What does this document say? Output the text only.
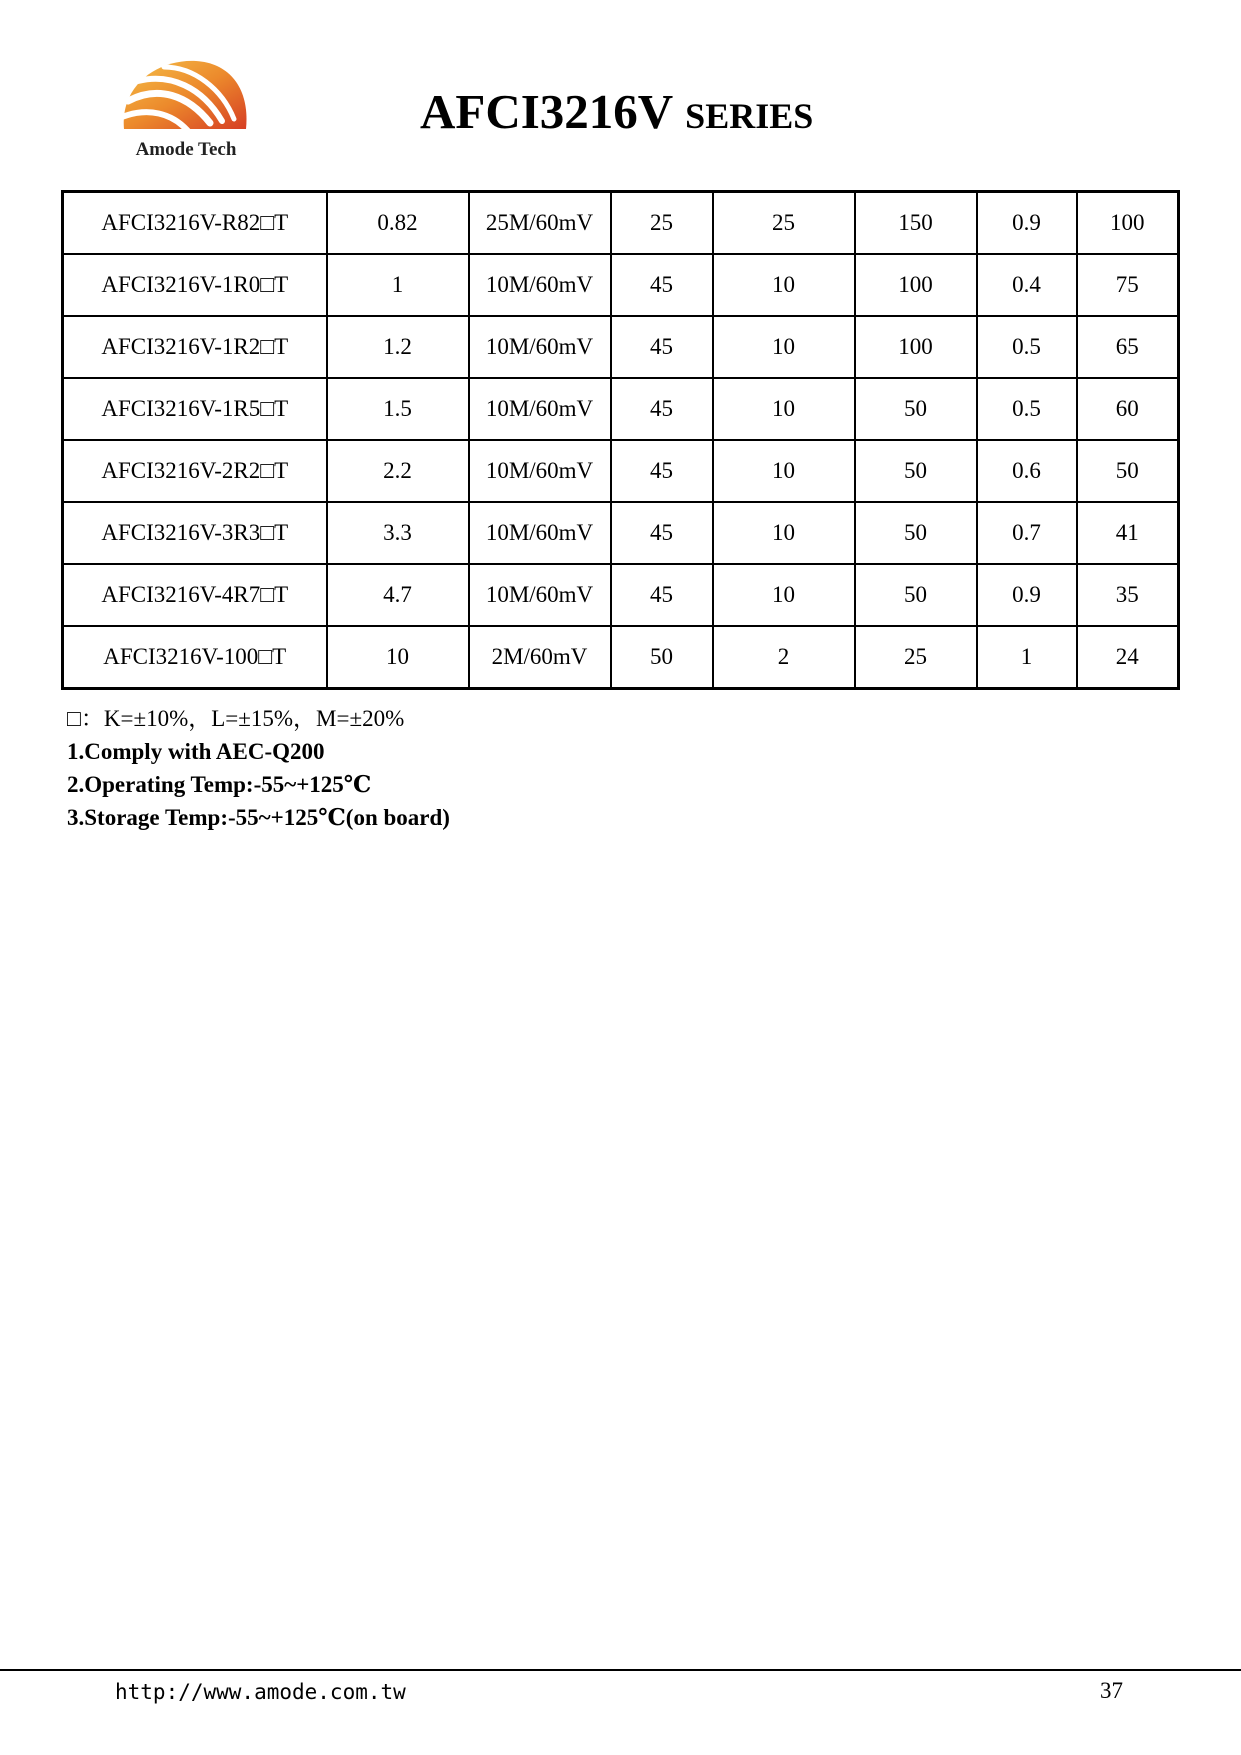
Amode Tech
AFCI3216V SERIES
AFCI3216V-R82□T	0.82	25M/60mV	25	25	150	0.9	100
AFCI3216V-1R0□T	1	10M/60mV	45	10	100	0.4	75
AFCI3216V-1R2□T	1.2	10M/60mV	45	10	100	0.5	65
AFCI3216V-1R5□T	1.5	10M/60mV	45	10	50	0.5	60
AFCI3216V-2R2□T	2.2	10M/60mV	45	10	50	0.6	50
AFCI3216V-3R3□T	3.3	10M/60mV	45	10	50	0.7	41
AFCI3216V-4R7□T	4.7	10M/60mV	45	10	50	0.9	35
AFCI3216V-100□T	10	2M/60mV	50	2	25	1	24
□：K=±10%，L=±15%，M=±20%
1.Comply with AEC-Q200
2.Operating Temp:-55~+125℃
3.Storage Temp:-55~+125℃(on board)
http://www.amode.com.tw	37
